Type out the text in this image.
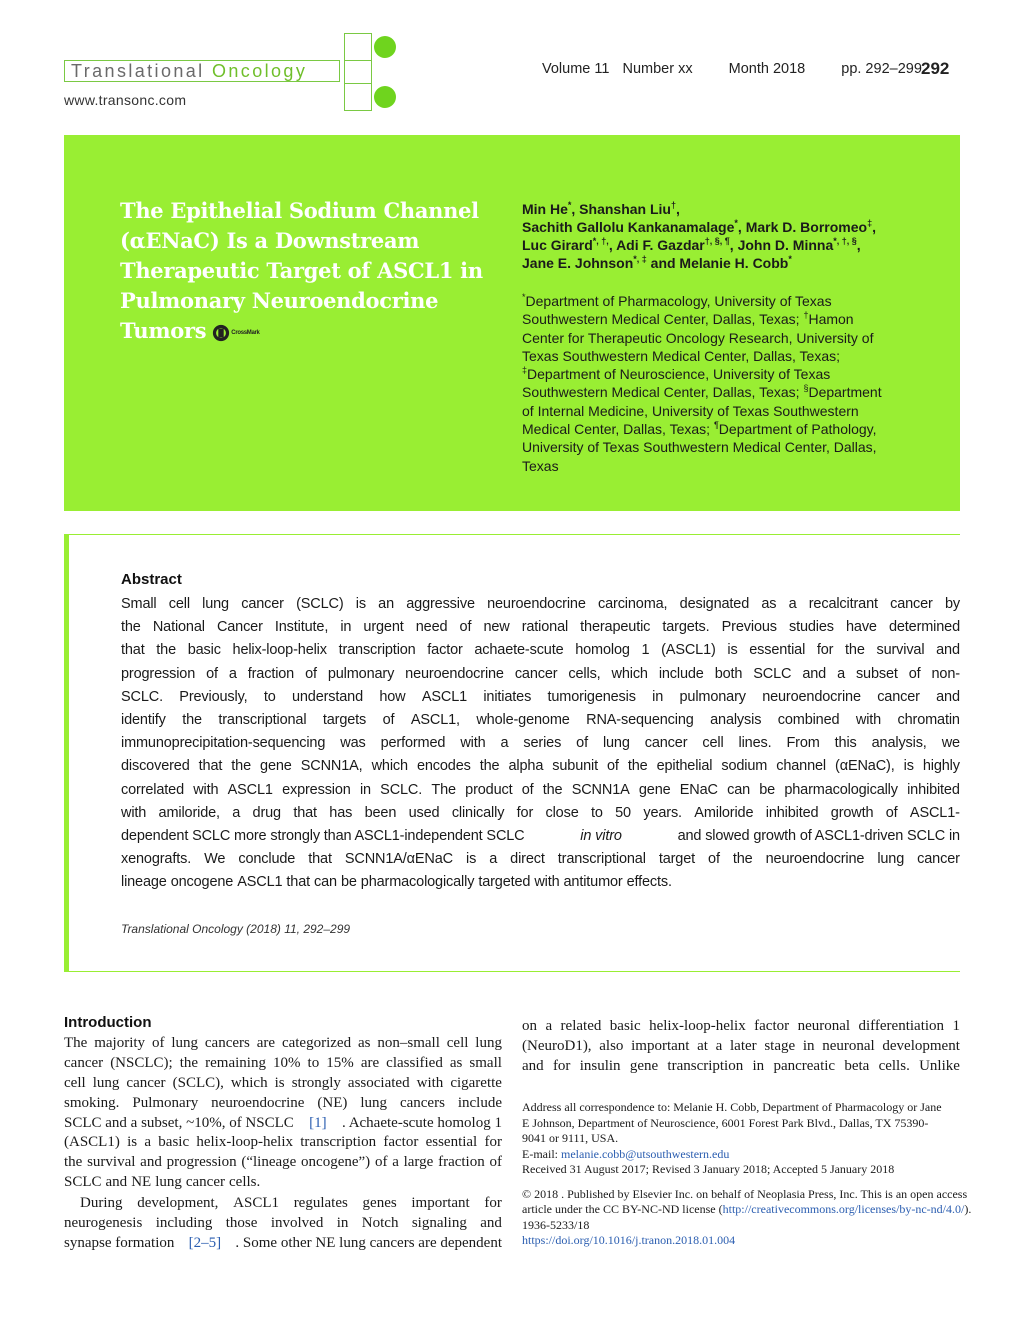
Translational Oncology
www.transonc.com
Volume 11 Number xx Month 2018 pp. 292–299 292
The Epithelial Sodium Channel
(αENaC) Is a Downstream
Therapeutic Target of ASCL1 in
Pulmonary Neuroendocrine
Tumors	CrossMark
Min He*, Shanshan Liu†,
Sachith Gallolu Kankanamalage*, Mark D. Borromeo‡,
Luc Girard*, †,, Adi F. Gazdar†, §, ¶, John D. Minna*, †, §,
Jane E. Johnson*, ‡ and Melanie H. Cobb*
*Department of Pharmacology, University of Texas
Southwestern Medical Center, Dallas, Texas; †Hamon
Center for Therapeutic Oncology Research, University of
Texas Southwestern Medical Center, Dallas, Texas;
‡Department of Neuroscience, University of Texas
Southwestern Medical Center, Dallas, Texas; §Department
of Internal Medicine, University of Texas Southwestern
Medical Center, Dallas, Texas; ¶Department of Pathology,
University of Texas Southwestern Medical Center, Dallas,
Texas
Abstract
Small cell lung cancer (SCLC) is an aggressive neuroendocrine carcinoma, designated as a recalcitrant cancer by
the National Cancer Institute, in urgent need of new rational therapeutic targets. Previous studies have determined
that the basic helix-loop-helix transcription factor achaete-scute homolog 1 (ASCL1) is essential for the survival and
progression of a fraction of pulmonary neuroendocrine cancer cells, which include both SCLC and a subset of non-
SCLC. Previously, to understand how ASCL1 initiates tumorigenesis in pulmonary neuroendocrine cancer and
identify the transcriptional targets of ASCL1, whole-genome RNA-sequencing analysis combined with chromatin
immunoprecipitation-sequencing was performed with a series of lung cancer cell lines. From this analysis, we
discovered that the gene SCNN1A, which encodes the alpha subunit of the epithelial sodium channel (αENaC), is highly
correlated with ASCL1 expression in SCLC. The product of the SCNN1A gene ENaC can be pharmacologically inhibited
with amiloride, a drug that has been used clinically for close to 50 years. Amiloride inhibited growth of ASCL1-
dependent SCLC more strongly than ASCL1-independent SCLC	in vitro	and slowed growth of ASCL1-driven SCLC in
xenografts. We conclude that SCNN1A/αENaC is a direct transcriptional target of the neuroendocrine lung cancer
lineage oncogene ASCL1 that can be pharmacologically targeted with antitumor effects.
Translational Oncology (2018) 11, 292–299
Introduction
The majority of lung cancers are categorized as non–small cell lung
cancer (NSCLC); the remaining 10% to 15% are classified as small
cell lung cancer (SCLC), which is strongly associated with cigarette
smoking. Pulmonary neuroendocrine (NE) lung cancers include
SCLC and a subset, ~10%, of NSCLC [1] . Achaete-scute homolog 1
(ASCL1) is a basic helix-loop-helix transcription factor essential for
the survival and progression (“lineage oncogene”) of a large fraction of
SCLC and NE lung cancer cells.
During development, ASCL1 regulates genes important for
neurogenesis including those involved in Notch signaling and
synapse formation [2–5] . Some other NE lung cancers are dependent
on a related basic helix-loop-helix factor neuronal differentiation 1
(NeuroD1), also important at a later stage in neuronal development
and for insulin gene transcription in pancreatic beta cells. Unlike
Address all correspondence to: Melanie H. Cobb, Department of Pharmacology or Jane
E Johnson, Department of Neuroscience, 6001 Forest Park Blvd., Dallas, TX 75390-
9041 or 9111, USA.
E-mail: melanie.cobb@utsouthwestern.edu
Received 31 August 2017; Revised 3 January 2018; Accepted 5 January 2018
© 2018 . Published by Elsevier Inc. on behalf of Neoplasia Press, Inc. This is an open access
article under the CC BY-NC-ND license (http://creativecommons.org/licenses/by-nc-nd/4.0/).
1936-5233/18
https://doi.org/10.1016/j.tranon.2018.01.004
